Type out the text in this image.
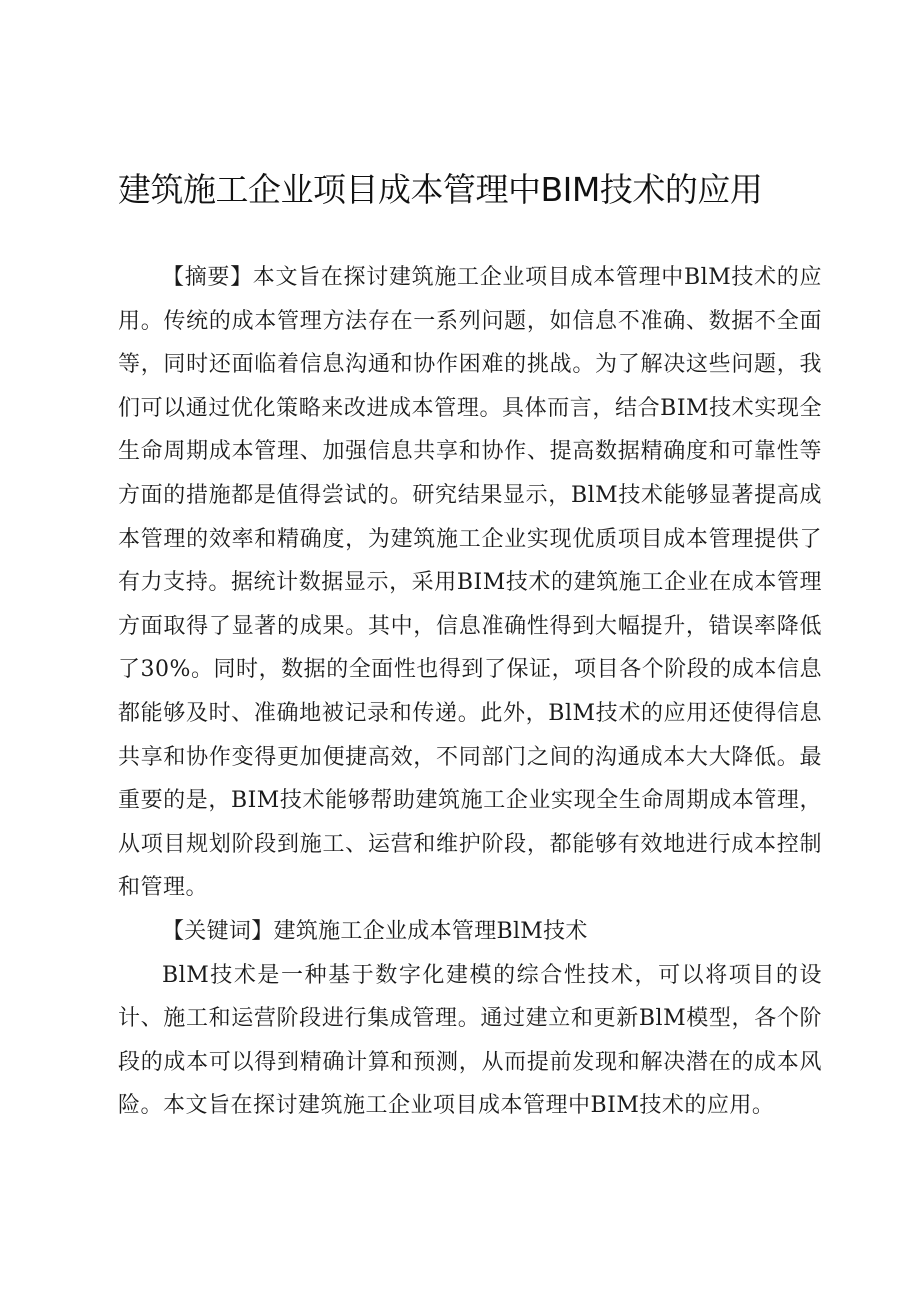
建筑施工企业项目成本管理中BIM技术的应用

【摘要】本文旨在探讨建筑施工企业项目成本管理中BlM技术的应用。传统的成本管理方法存在一系列问题，如信息不准确、数据不全面等，同时还面临着信息沟通和协作困难的挑战。为了解决这些问题，我们可以通过优化策略来改进成本管理。具体而言，结合BIM技术实现全生命周期成本管理、加强信息共享和协作、提高数据精确度和可靠性等方面的措施都是值得尝试的。研究结果显示，BlM技术能够显著提高成本管理的效率和精确度，为建筑施工企业实现优质项目成本管理提供了有力支持。据统计数据显示，采用BIM技术的建筑施工企业在成本管理方面取得了显著的成果。其中，信息准确性得到大幅提升，错误率降低了30%。同时，数据的全面性也得到了保证，项目各个阶段的成本信息都能够及时、准确地被记录和传递。此外，BlM技术的应用还使得信息共享和协作变得更加便捷高效，不同部门之间的沟通成本大大降低。最重要的是，BIM技术能够帮助建筑施工企业实现全生命周期成本管理，从项目规划阶段到施工、运营和维护阶段，都能够有效地进行成本控制和管理。

【关键词】建筑施工企业成本管理BlM技术

BlM技术是一种基于数字化建模的综合性技术，可以将项目的设计、施工和运营阶段进行集成管理。通过建立和更新BlM模型，各个阶段的成本可以得到精确计算和预测，从而提前发现和解决潜在的成本风险。本文旨在探讨建筑施工企业项目成本管理中BIM技术的应用。
